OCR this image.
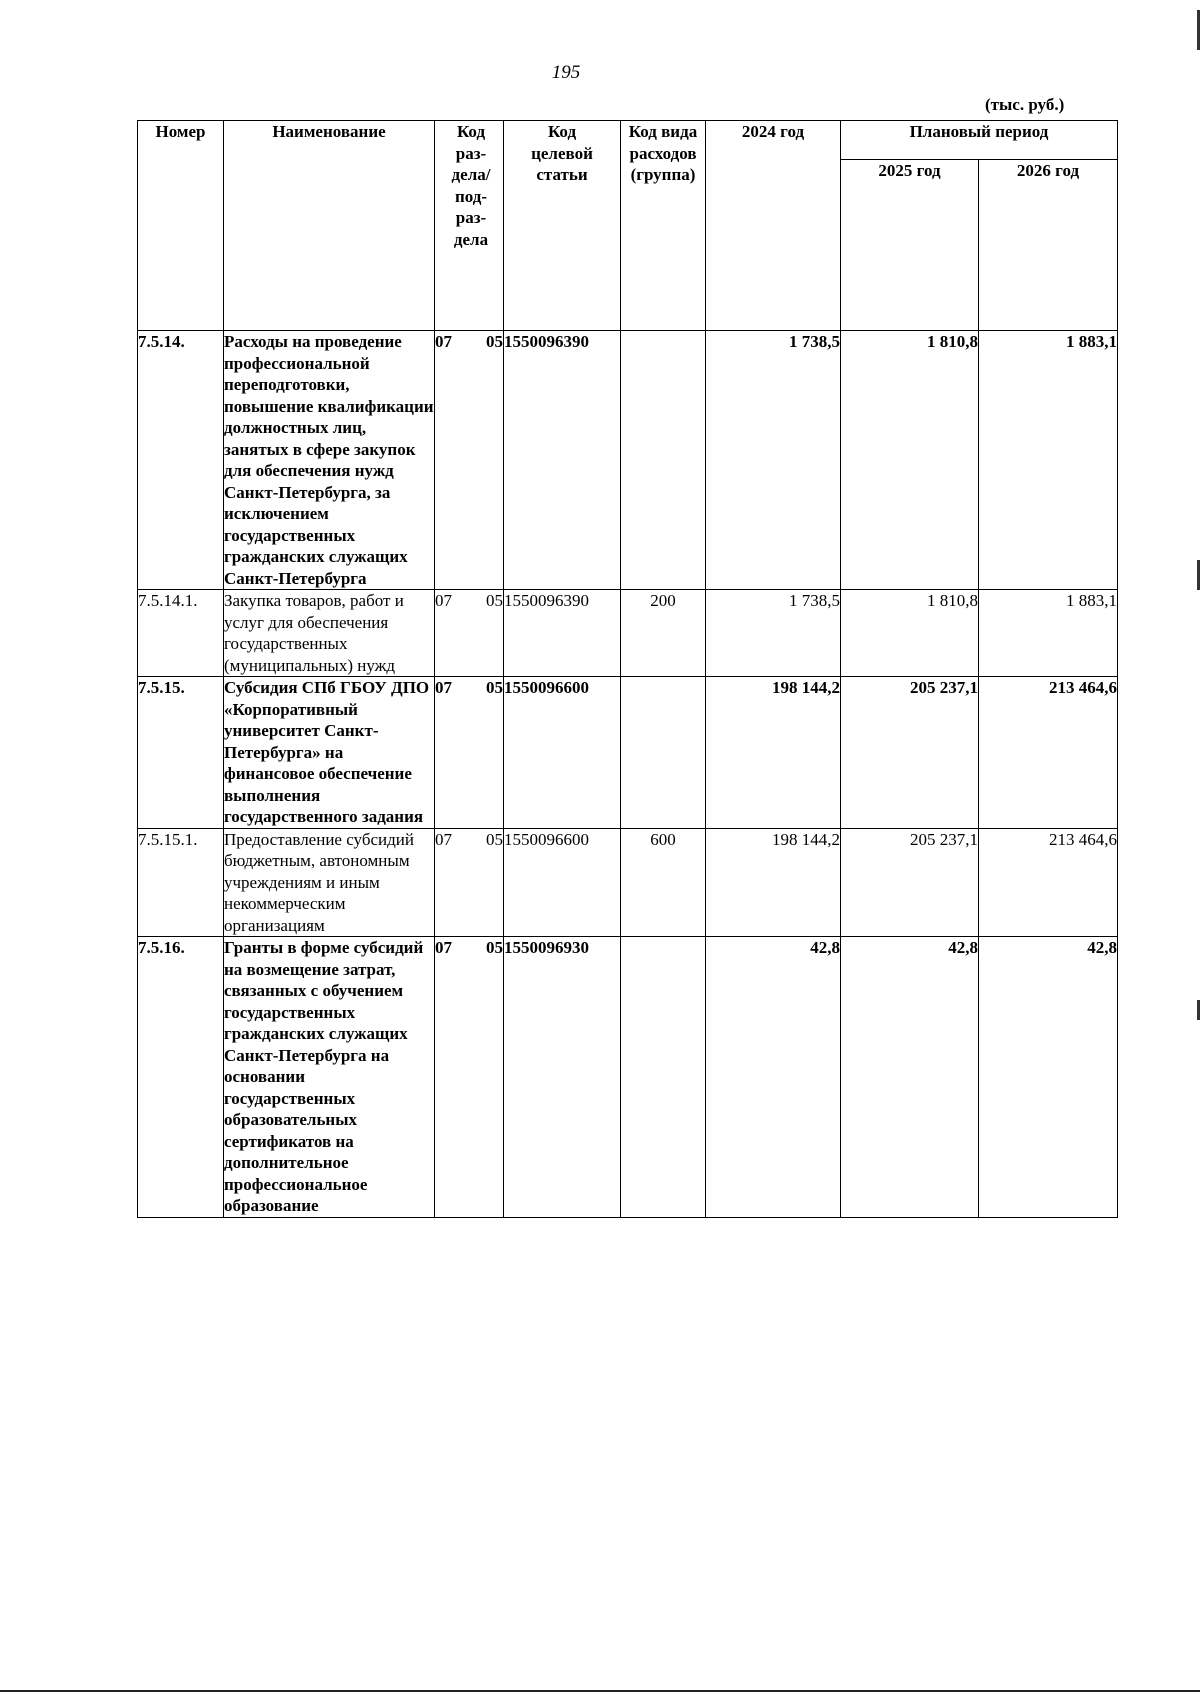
195
(тыс. руб.)
Номер	Наименование	Код раз-дела/ под-раз-дела	Код целевой статьи	Код вида расходов (группа)	2024 год	Плановый период	
						2025 год	2026 год
7.5.14.	Расходы на проведение профессиональной переподготовки, повышение квалификации должностных лиц, занятых в сфере закупок для обеспечения нужд Санкт-Петербурга, за исключением государственных гражданских служащих Санкт-Петербурга	07 05	1550096390		1 738,5	1 810,8	1 883,1
7.5.14.1.	Закупка товаров, работ и услуг для обеспечения государственных (муниципальных) нужд	07 05	1550096390	200	1 738,5	1 810,8	1 883,1
7.5.15.	Субсидия СПб ГБОУ ДПО «Корпоративный университет Санкт-Петербурга» на финансовое обеспечение выполнения государственного задания	07 05	1550096600		198 144,2	205 237,1	213 464,6
7.5.15.1.	Предоставление субсидий бюджетным, автономным учреждениям и иным некоммерческим организациям	07 05	1550096600	600	198 144,2	205 237,1	213 464,6
7.5.16.	Гранты в форме субсидий на возмещение затрат, связанных с обучением государственных гражданских служащих Санкт-Петербурга на основании государственных образовательных сертификатов на дополнительное профессиональное образование	07 05	1550096930		42,8	42,8	42,8
